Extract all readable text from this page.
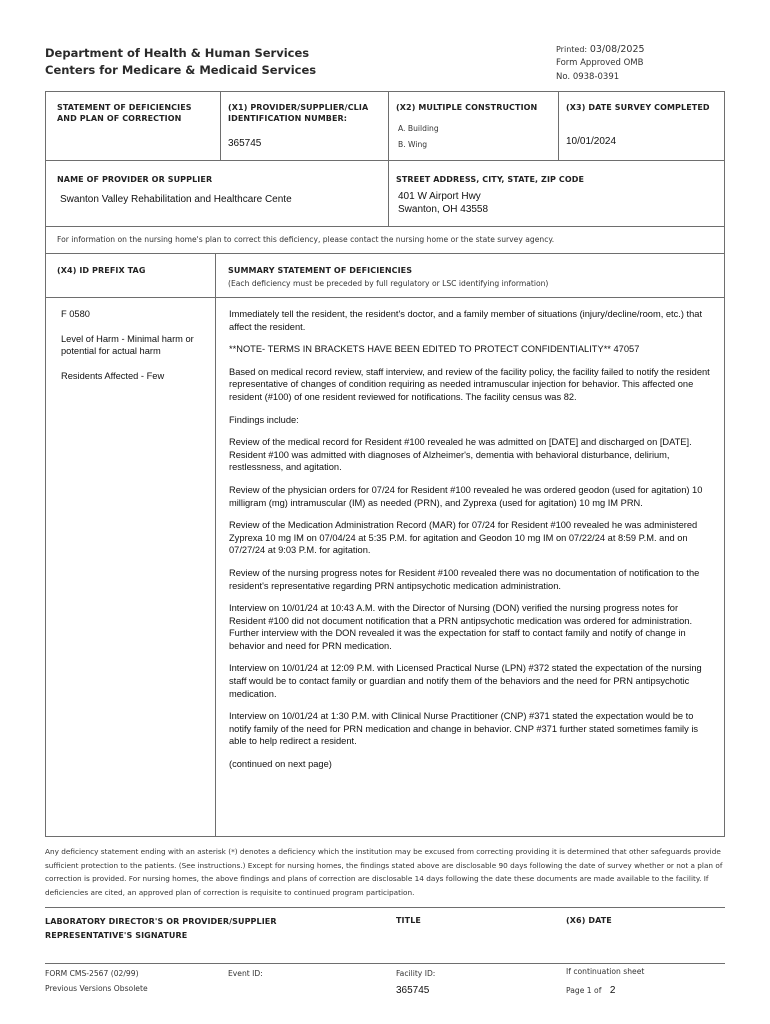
Department of Health & Human Services
Centers for Medicare & Medicaid Services
Printed: 03/08/2025
Form Approved OMB
No. 0938-0391
STATEMENT OF DEFICIENCIES AND PLAN OF CORRECTION
(X1) PROVIDER/SUPPLIER/CLIA IDENTIFICATION NUMBER:
365745
(X2) MULTIPLE CONSTRUCTION
A. Building
B. Wing
(X3) DATE SURVEY COMPLETED
10/01/2024
NAME OF PROVIDER OR SUPPLIER
Swanton Valley Rehabilitation and Healthcare Cente
STREET ADDRESS, CITY, STATE, ZIP CODE
401 W Airport Hwy
Swanton, OH 43558
For information on the nursing home's plan to correct this deficiency, please contact the nursing home or the state survey agency.
(X4) ID PREFIX TAG	SUMMARY STATEMENT OF DEFICIENCIES
(Each deficiency must be preceded by full regulatory or LSC identifying information)
F 0580
Level of Harm - Minimal harm or potential for actual harm
Residents Affected - Few

Immediately tell the resident, the resident's doctor, and a family member of situations (injury/decline/room, etc.) that affect the resident.

**NOTE- TERMS IN BRACKETS HAVE BEEN EDITED TO PROTECT CONFIDENTIALITY** 47057

Based on medical record review, staff interview, and review of the facility policy, the facility failed to notify the resident representative of changes of condition requiring as needed intramuscular injection for behavior. This affected one resident (#100) of one resident reviewed for notifications. The facility census was 82.

Findings include:

Review of the medical record for Resident #100 revealed he was admitted on [DATE] and discharged on [DATE]. Resident #100 was admitted with diagnoses of Alzheimer's, dementia with behavioral disturbance, delirium, restlessness, and agitation.

Review of the physician orders for 07/24 for Resident #100 revealed he was ordered geodon (used for agitation) 10 milligram (mg) intramuscular (IM) as needed (PRN), and Zyprexa (used for agitation) 10 mg IM PRN.

Review of the Medication Administration Record (MAR) for 07/24 for Resident #100 revealed he was administered Zyprexa 10 mg IM on 07/04/24 at 5:35 P.M. for agitation and Geodon 10 mg IM on 07/22/24 at 8:59 P.M. and on 07/27/24 at 9:03 P.M. for agitation.

Review of the nursing progress notes for Resident #100 revealed there was no documentation of notification to the resident's representative regarding PRN antipsychotic medication administration.

Interview on 10/01/24 at 10:43 A.M. with the Director of Nursing (DON) verified the nursing progress notes for Resident #100 did not document notification that a PRN antipsychotic medication was ordered for administration. Further interview with the DON revealed it was the expectation for staff to contact family and notify of change in behavior and need for PRN medication.

Interview on 10/01/24 at 12:09 P.M. with Licensed Practical Nurse (LPN) #372 stated the expectation of the nursing staff would be to contact family or guardian and notify them of the behaviors and the need for PRN antipsychotic medication.

Interview on 10/01/24 at 1:30 P.M. with Clinical Nurse Practitioner (CNP) #371 stated the expectation would be to notify family of the need for PRN medication and change in behavior. CNP #371 further stated sometimes family is able to help redirect a resident.

(continued on next page)

Any deficiency statement ending with an asterisk (*) denotes a deficiency which the institution may be excused from correcting providing it is determined that other safeguards provide sufficient protection to the patients. (See instructions.) Except for nursing homes, the findings stated above are disclosable 90 days following the date of survey whether or not a plan of correction is provided. For nursing homes, the above findings and plans of correction are disclosable 14 days following the date these documents are made available to the facility. If deficiencies are cited, an approved plan of correction is requisite to continued program participation.
LABORATORY DIRECTOR'S OR PROVIDER/SUPPLIER REPRESENTATIVE'S SIGNATURE
TITLE	(X6) DATE
FORM CMS-2567 (02/99)
Previous Versions Obsolete
Event ID:	Facility ID:
365745
If continuation sheet
Page 1 of 2
